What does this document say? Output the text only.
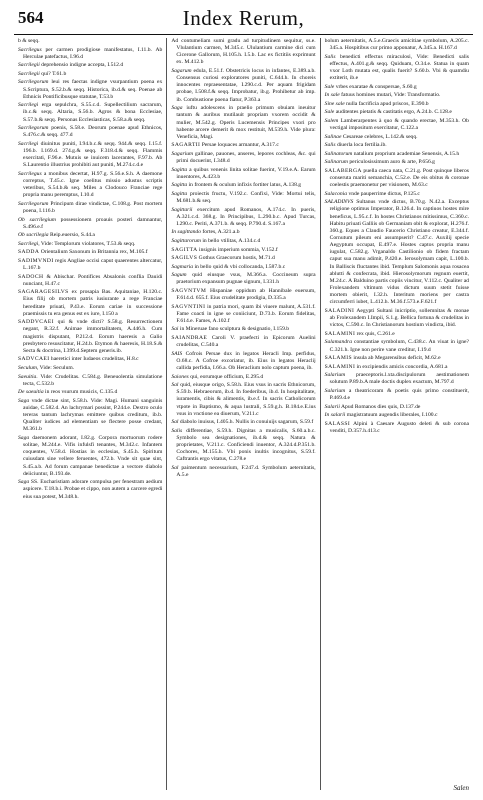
564	Index Rerum,

b & seqq.

Sacrilegus per carmen prodigiose manifestatus, I.11.b. Ab Herculae patefactus, I.96.d

Sacrilegii deprehensio indigne accepta, I.512.d

Sacrilegii qui? T.61.b

Sacrilegorum leui res faectas indigne vsurpantium poena ex S.Scriptura, S.52.b.& seqq. Historica, ib.d.& seq. Poenae ab Ethnicis Pontificibusque statutae, T.53.b

Sacrilegi erga sepulchra, S.55.c.d. Supellectilium sacrarum, ib.c.& seqq. Altaria, S.56.b. Agros & bona Ecclesiae, S.57.b.& seqq. Personas Ecclesiasticas, S.58.a.& seqq.

Sacrilegorum poenis, S.58.e. Deorum poenae apud Ethnicos, S.476.c.& seqq. 477.d

Sacrilegi diuinitus puniti, I.94.b.c.& seqq. 944.& seqq. I.15.f. 196.b. I.169.d. 274.g.& seqq. F.318.d.& seqq. Flammis exercitati, F.96.e. Mutuis se inuicem lacerantes, F.97.b. Ab S.Laurentio illustrius prohibiti aut puniti, M.274.c.d.e

Sacrilegus a monibus decertat, H.97.g. S.56.e.S.h. A daemone correptus, T.45.c. Igne coelitus missio adustus scriptis veteribus, S.54.b.& seq. Miles a Clodouco Franciae rege propria manu peremptus, I.10.d

Sacrilegorum Principum dirae vindictae, C.108.g. Post mortem poena, I.116.b

Ob sacrilegium possessionem proauis posteri damnantur, S.496.e.f

Ob sacrilegia Reip.euersio, S.44.a

Sacrilegi, Vide: Templorum violatores, T.53.& seqq.

SADDA Orientalium Saxonum in Britannia rex, M.105.f

SADIMVNDI regis Angliae occisi caput quaerentes altercatur, L.167.b

SADOCH & Abischar. Pontifices Absalonis conflia Dauidi nunciant, H.47.c

SAGARAGESILVS ex prosapia Bas. Aquitaniae, H.120.c. Eius filij ob mortem patris iusiurante a rege Franciae hereditate priuati, P.43.e. Eorum cariae in successione praemissis tu era genus est ex iure, I.150 a

SADDVCAEI qui & vnde dicti? S.58.g. Resurrectionem negant, R.32.f. Animae immortalitatem, A.446.h. Cum magistris disputant, P.212.d. Eorum haeresis a Galio presbytero resuscitatur, H.24.b. Etymon & haeresis, H.18.S.& Secta & doctrina, I.399.d.Septem generis.ib.

SADVCAEI haeretici inter Iudaeos crudelitas, H.8.c

Seculum, Vide: Seculum.

Saeuitia. Vide: Crudelitas. C.584.g. Beneuolentia simulatione tecta, C.532.b

De saeuitia in reos vsurum musicis, C.135.d

Saga vnde dictae sint, S.58.h. Vide: Magi. Humani sanguinis auidae, C.582.d. An lachrymari possint, P.244.e. Dextro oculo tereras tantum lachrymas emittere quibus creditum, ib.b. Qualiter iudices ad elementiam se flectere posse credant, M.361.b

Saga daemonem adorant, I.82.g. Corpora mortuorum rodere solitae, M.244.e. Vifis infulsfi tenantes, M.342.c. Infantem coquentes, V.58.d. Hostias in ecclesias, S.45.h. Spiritum cuiusdam sine vellere feruentes, 472.b. Vnde sit quae sint, S.45.a.b. Ad forum campanae benedictae a vectore diabolo deiiciuntur, B.193.de.

Saga SS. Eucharistiam adorare compulsa per fenestram aedium aspicere. T.18.b.i. Probae et cippo, non autem a carcere egredi eius sua potest, M.348.h.

Ad contumeliam sumi gradu ad turpitudinem sequitur, ss.e. Vlulantium carmen, M.345.c. Ululantium carmine dici cum Cicerone Gallorum, H.105.h. I.5.b. Lac ex fictitiis exprimunt ex. M.412.b

Sagarum edula, E.51.f. Obstetricis locus in infantes, E.389.a.b. Consensus curiosi exploratores puniti, C.644.h. In choreis innocentes repraesentatae, I.290.c.d. Per aquam frigidam probae, I.508.f.& seqq. Improbatur, ib.g. Prohibetur ab imp. ib. Combustione poena fiatur, P.363.a

Saga iuftu adolescens in praelio primum obuiam ineuitur tantum & auribus mutilauit propriam vxorem occidit & mulier, M.542.g. Operis Lucemensis Principes vxori pro habente arcere demerit & mox restituit, M.539.h. Vide plura: Veneficia, Magi.

SAGARTII Persae loquaces armantur, A.317.c

Sagarium gallinae, pauones, anseres, lepores cochleas, &c. qui primi docuerint, I.348.d

Sagitta a quibus venenis linita solitae fuerint, V.19.e.A. Earum inuentores, A.423.b

Sagitta in frontem & oculum infixis fortiter latus, A.138.g

Sagitta proiectis fructu, V.192.c. Confixi, Vide: Mortui telis, M.681.b.& seq.

Sagittarii exercitum apud Romanos, A.174.c. In pueris, A.321.c.d. 368.g. In Principibus, L.290.b.c. Apud Turcas, I.290.c. Periti, A.371.b. & seqq. P.790.d. S.167.a

In sagittando fortes, A.321.a.b

Sagittarorum in bello vtilitas, A.134.c.d

SAGITTA insignis imperium sommia, V.152.f

SAGILVS Gothus Graecorum hostis, M.71.d

Sagmaria in bello quid & vbi collocanda, I.587.b.c

Sagum quid eiusque vsus, M.366.a. Coccineum supra praetorium expansum pugnae signum, I.331.h

SAGVNTVM Hispaniae oppidum ab Hannibale euersum, F.614.d. 655.f. Eius crudelitate prodigia, D.335.a

SAGVNTINI in patria mori, quam ibi viuere malunt, A.531.f. Fame coacti in igne se coniiciunt, D.73.b. Eorum fidelitas, F.614.e. Fames, A.102.f

Sai in Mineruae fano sculptura & designatio, I.159.b

SAIANDRAE Caroli V. praefecti in Epicorum Auelini crudelitas, C.540.a

SAIS Cofrois Persae dux in legatos Heracli Imp. perfidus, O.68.c. A Cofroe excoriatur, ib. Eius in legatos Heraclij callida perfidia, I.66.a. Ob Heraclium nolo captum poena, ib.

Saiones qui, eorumque officium, E.295.d

Sal quid, eiusque origo, S.58.h. Eius vsus in sacris Ethnicorum, S.59.b. Hebraeorum, ib.d. In foederibus, ib.d. In hospitalitate, iuramentis, cibis & alimentis, ib.e.f. In sacris Catholicorum vtpote in Baptismo, & aqua lustrali, S.59.g.h. B.184.e.E.ius vsus in vnctione ea diuerum, V.211.c

Sal diabolo inuisus, I.405.h. Nullis in conuiuijs sagarum, S.59.f

Salis differentiae, S.59.h. Dignitas a musicalis, S.60.a.b.c. Symbolo sea designationes, ib.d.& seqq. Natura & proprietates, V.211.c. Conficiendi inuentor, A.324.d.P.351.b. Cochores, M.155.h. Vbi ponis inultis incognitus, S.59.f. Caftrantis ergo vitatus, C.278.e

Sal paimentum necessarium, F.247.d. Symbolum aeternitatis, A.5.e

bolum aeternitatis, A.5.e.Graecis amicitiae symbolum, A.205.c. 345.a. Hospitibus cur primo apponatur, A.345.a. H.167.d

Salis benedicti effectus miraculosi, Vide: Benedicti salis effectus, A.401.g.& seqq. Quiduam, O.34.e. Statua in quam vxor Loth mutata est, qualis fuerit? S.60.b. Vbi & quamdiu extiterit, ib.e

Sale vrbes exaratae & conspersae, S.60.g

In sale fatuus homines mutari, Vide: Transformatio.

Sine sale nulla facrificia apud priscos, E.390.b

Sale auditentes pietatis & castitatis ergo, A.24.b. C.128.e

Salem Lamberarpentes à quo & quando erectae, M.353.h. Ob vectigal impositum exercitatur, C.122.a

Salinae Cesareae celebres, L.142.& seqq.

Salis diuerla loca fertilia.ib.

Salinatorum natalium proprium academiae Senensis, A.15.h

Salinarum periculosissimum auro & arte, P.656.g

SALABERGA puella caeca nata, C.21.g. Post quinque liberos conseruta mariti semanchia, C.52.e. De eis obitus & coronae coelestis praemonetur per visionem, M.63.c

Salaconia vnde pauperrime dictus, P.125.c

SALADINVS Sultanus vnde dictus, B.70.g. N.42.a. Exceptus religione optimus Imperator, B.126.d. In captiuos hostes mire beneficus, L.95.c.f. In hostes Christianos mitissimus, C.360.c. Habitu priuati Galliis ob Germaniam obit & explorat, H.276.f. 360.g. Eques a Claudio Faucerio Christiano creatur, E.344.f. Cornutum pileum eni assumpserit? C.47.c. Auxilij specie Aegyptum occupat, E.497.e. Hostes captos propria manu iugulat, C.582.g. Vrganaldo Castilionio ob fidem fractam caput sua manu adimit, P.420.e. Ierosolymam capit, L.100.b. In Balliscis fluctantes ibid. Templum Salomonis aqua rosacea ablutti & confecrata, ibid. Hierosolymorum regnum euertit, M.24.c. A Balduino partis copiis vincitur, V.112.c. Qualiter ad Frolexandem vltimum vidus dictum suum stetit fuisse mortem obierit, I.32.h. Interitum moriens per castra circumferri iubet, L.412.h. M.36.f.573.e.F.621.f

SALADINI Aegypti Sultani inicriptio, sollemnitas & monae ab Frolexandem I.Impii, S.1.g. Bellica fortuna & crudelitas in victos, C.590.c. In Christianorum hostium vindicta, ibid.

SALAMINI rex quis, C.261.e

Salamandra constantiae symbolum, C.438.c. An viuat in igne? C.321.h. Igne non perire vane creditur, I.19.d

SALAMIS insula ab Megarensibus deficit, M.62.e

SALAMINI in excipiendis amicis concordia, A.681.a

Salarium praeceptoris.l.xta.discipulorum aestimationem solutum P.89.b.A male doctis duplex exactum, M.797.d

Salarium a theatricoram & poetis quis primo constituerit, P.469.d.e

Salarii Apud Romanos dies quis, D.137.de

In salarii magistratuum augendis liberales, I.100.c

SALASSI Alpini à Caesare Augusto deleti & sub corona venditi, D.357.h.413.c

Salen
